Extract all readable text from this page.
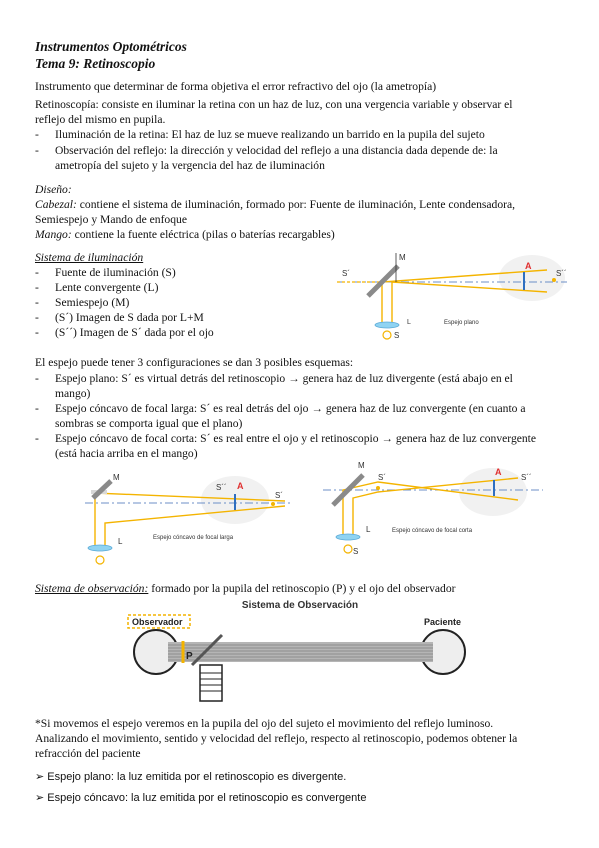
Instrumentos Optométricos

Tema 9: Retinoscopio

Instrumento que determinar de forma objetiva el error refractivo del ojo (la ametropía)

Retinoscopía: consiste en iluminar la retina con un haz de luz, con una vergencia variable y observar el

reflejo del mismo en pupila.

- Iluminación de la retina: El haz de luz se mueve realizando un barrido en la pupila del sujeto

- Observación del reflejo: la dirección y velocidad del reflejo a una distancia dada depende de: la

ametropía del sujeto y la vergencia del haz de iluminación

Diseño:

Cabezal: contiene el sistema de iluminación, formado por: Fuente de iluminación, Lente condensadora,

Semiespejo y Mando de enfoque

Mango: contiene la fuente eléctrica (pilas o baterías recargables)

Sistema de iluminación

- Fuente de iluminación (S)

- Lente convergente (L)

- Semiespejo (M)

- (S´) Imagen de S dada por L+M

- (S´´) Imagen de S´ dada por el ojo

M
S´	S´´
A
L
S
Espejo plano

El espejo puede tener 3 configuraciones se dan 3 posibles esquemas:

- Espejo plano: S´ es virtual detrás del retinoscopio → genera haz de luz divergente (está abajo en el

mango)

- Espejo cóncavo de focal larga: S´ es real detrás del ojo → genera haz de luz convergente (en cuanto a

sombras se comporta igual que el plano)

- Espejo cóncavo de focal corta: S´ es real entre el ojo y el retinoscopio → genera haz de luz convergente

(está hacia arriba en el mango)

M
S´´
S´
A
L	Espejo cóncavo de focal larga
M
S´	S´´
A
L
S
Espejo cóncavo de focal corta

Sistema de observación: formado por la pupila del retinoscopio (P) y el ojo del observador

Sistema de Observación
Observador	Paciente
P

*Si movemos el espejo veremos en la pupila del ojo del sujeto el movimiento del reflejo luminoso.

Analizando el movimiento, sentido y velocidad del reflejo, respecto al retinoscopio, podemos obtener la

refracción del paciente

➢ Espejo plano: la luz emitida por el retinoscopio es divergente.

➢ Espejo cóncavo: la luz emitida por el retinoscopio es convergente
